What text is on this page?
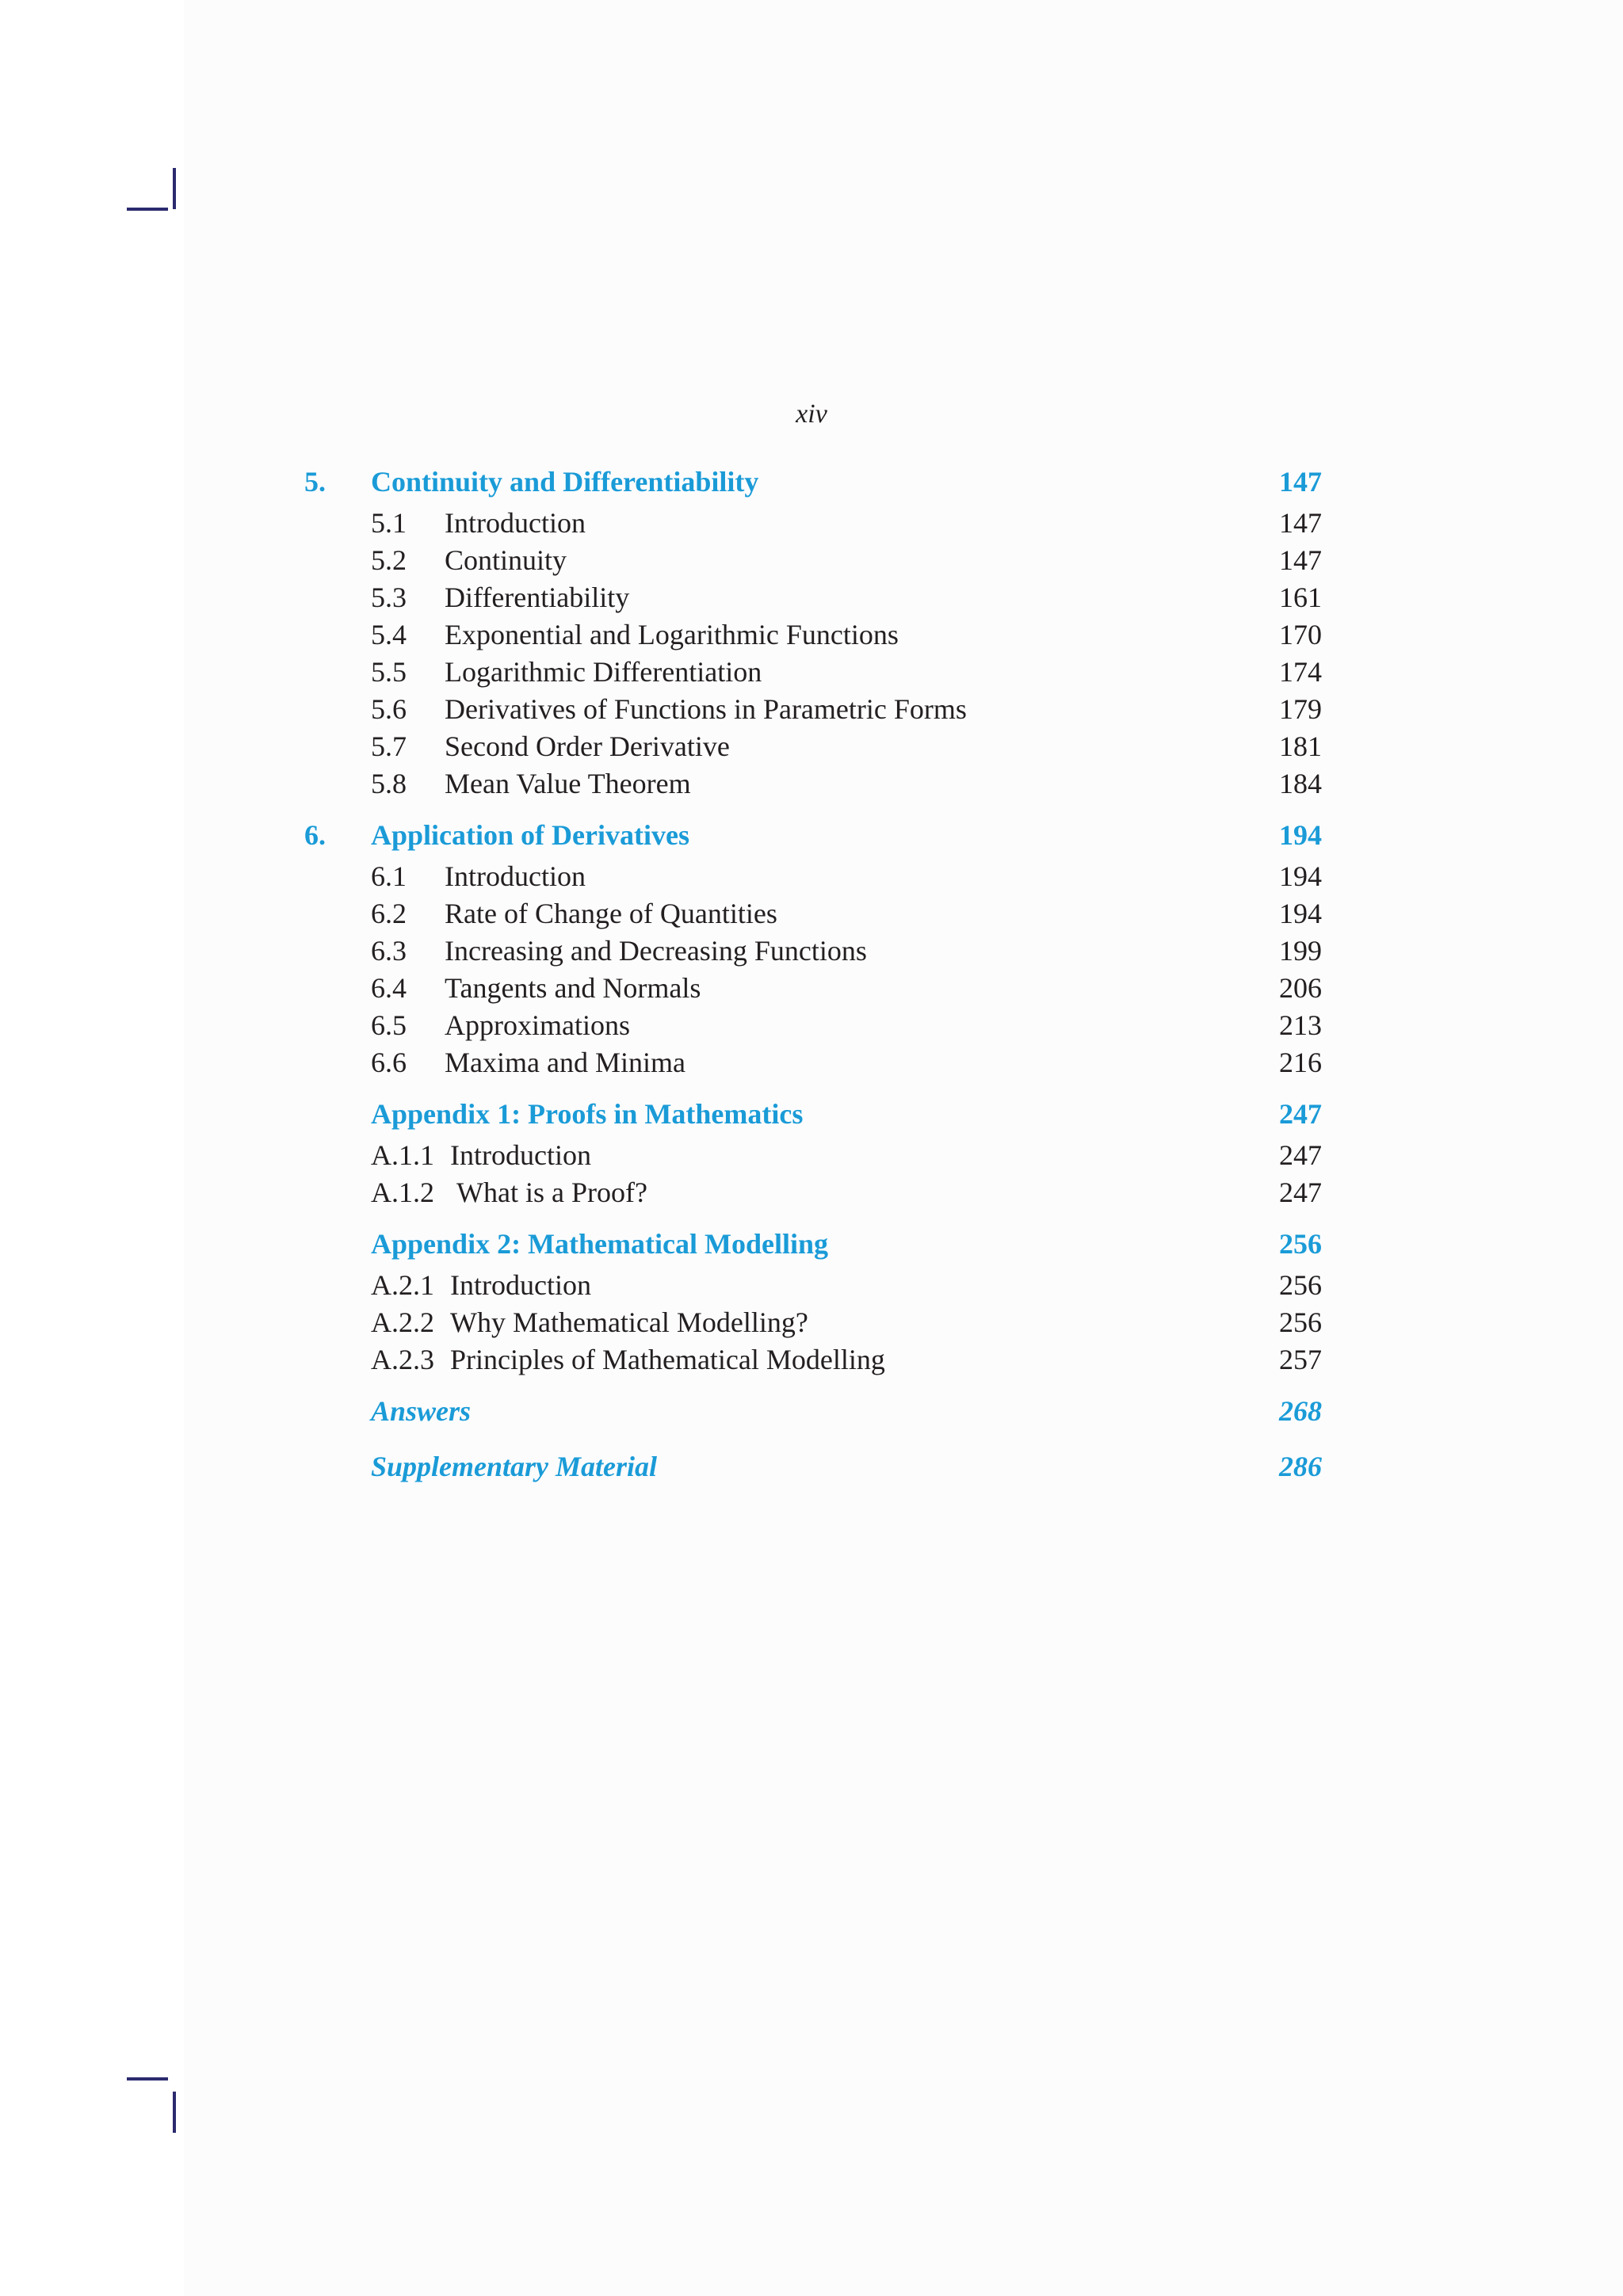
xiv
5. Continuity and Differentiability	147
5.1 Introduction	147
5.2 Continuity	147
5.3 Differentiability	161
5.4 Exponential and Logarithmic Functions	170
5.5 Logarithmic Differentiation	174
5.6 Derivatives of Functions in Parametric Forms	179
5.7 Second Order Derivative	181
5.8 Mean Value Theorem	184
6. Application of Derivatives	194
6.1 Introduction	194
6.2 Rate of Change of Quantities	194
6.3 Increasing and Decreasing Functions	199
6.4 Tangents and Normals	206
6.5 Approximations	213
6.6 Maxima and Minima	216
Appendix 1: Proofs in Mathematics	247
A.1.1 Introduction	247
A.1.2 What is a Proof?	247
Appendix 2: Mathematical Modelling	256
A.2.1 Introduction	256
A.2.2 Why Mathematical Modelling?	256
A.2.3 Principles of Mathematical Modelling	257
Answers	268
Supplementary Material	286
